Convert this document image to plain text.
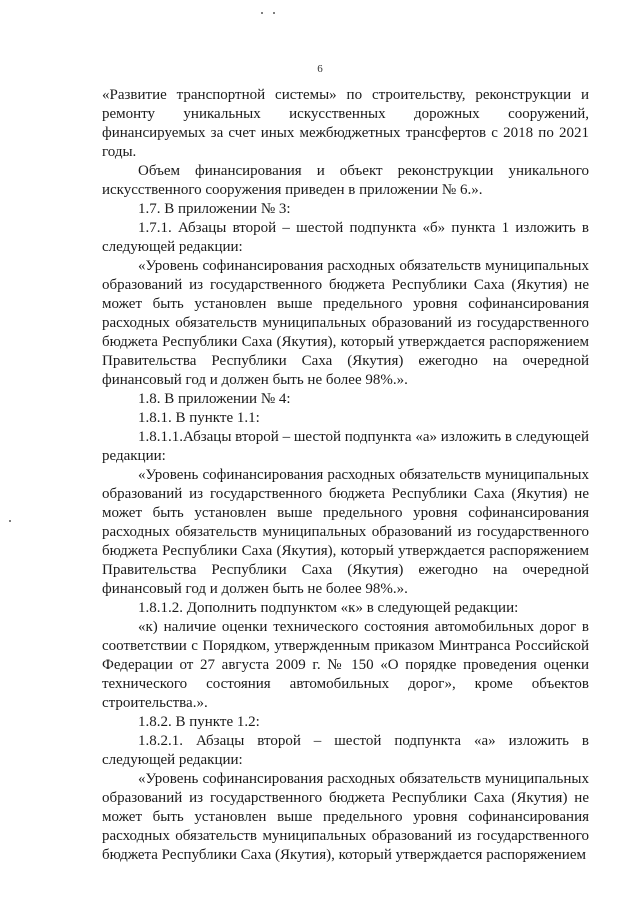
6

«Развитие транспортной системы» по строительству, реконструкции и ремонту уникальных искусственных дорожных сооружений, финансируемых за счет иных межбюджетных трансфертов с 2018 по 2021 годы.

Объем финансирования и объект реконструкции уникального искусственного сооружения приведен в приложении № 6.».

1.7. В приложении № 3:

1.7.1. Абзацы второй – шестой подпункта «б» пункта 1 изложить в следующей редакции:

«Уровень софинансирования расходных обязательств муниципальных образований из государственного бюджета Республики Саха (Якутия) не может быть установлен выше предельного уровня софинансирования расходных обязательств муниципальных образований из государственного бюджета Республики Саха (Якутия), который утверждается распоряжением Правительства Республики Саха (Якутия) ежегодно на очередной финансовый год и должен быть не более 98%.».

1.8. В приложении № 4:

1.8.1. В пункте 1.1:

1.8.1.1.Абзацы второй – шестой подпункта «а» изложить в следующей редакции:

«Уровень софинансирования расходных обязательств муниципальных образований из государственного бюджета Республики Саха (Якутия) не может быть установлен выше предельного уровня софинансирования расходных обязательств муниципальных образований из государственного бюджета Республики Саха (Якутия), который утверждается распоряжением Правительства Республики Саха (Якутия) ежегодно на очередной финансовый год и должен быть не более 98%.».

1.8.1.2. Дополнить подпунктом «к» в следующей редакции:

«к) наличие оценки технического состояния автомобильных дорог в соответствии с Порядком, утвержденным приказом Минтранса Российской Федерации от 27 августа 2009 г. № 150 «О порядке проведения оценки технического состояния автомобильных дорог», кроме объектов строительства.».

1.8.2. В пункте 1.2:

1.8.2.1. Абзацы второй – шестой подпункта «а» изложить в следующей редакции:

«Уровень софинансирования расходных обязательств муниципальных образований из государственного бюджета Республики Саха (Якутия) не может быть установлен выше предельного уровня софинансирования расходных обязательств муниципальных образований из государственного бюджета Республики Саха (Якутия), который утверждается распоряжением
